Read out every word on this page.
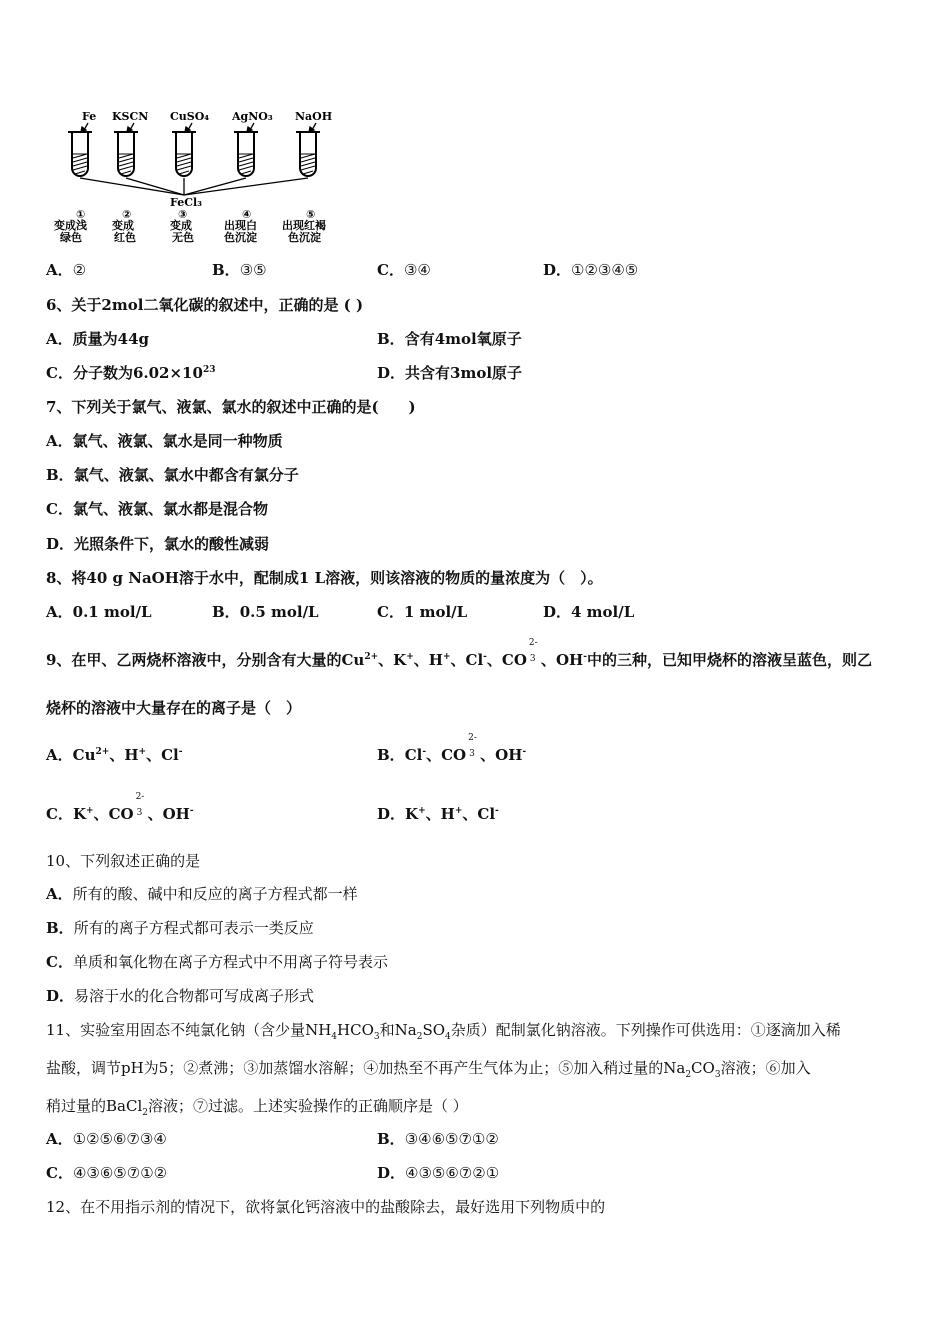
Fe KSCN CuSO₄ AgNO₃ NaOH
FeCl₃
①	②	③	④	⑤
变成浅 变成	变成	出现白 出现红褐
绿色	红色	无色	色沉淀	色沉淀
A．②	B．③⑤	C．③④	D．①②③④⑤
6、关于2mol二氧化碳的叙述中，正确的是 ( )
A．质量为44g	B．含有4mol氧原子
C．分子数为$6.02\times 10^{23}$	D．共含有3mol原子
7、下列关于氯气、液氯、氯水的叙述中正确的是(　　)
A．氯气、液氯、氯水是同一种物质
B．氯气、液氯、氯水中都含有氯分子
C．氯气、液氯、氯水都是混合物
D．光照条件下，氯水的酸性减弱
8、将40 g NaOH溶于水中，配制成1 L溶液，则该溶液的物质的量浓度为（　）。
A．0.1 mol/L	B．0.5 mol/L	C．1 mol/L	D．4 mol/L
9、在甲、乙两烧杯溶液中，分别含有大量的$Cu^{2+}$、K+、H+、Cl-、CO
2-
3 、OH-中的三种，已知甲烧杯的溶液呈蓝色，则乙
烧杯的溶液中大量存在的离子是（　）
A．$Cu^{2+}$、H+、Cl-	B．Cl-、CO
2-
3 、OH-
C．K+、CO
2-
3 、OH-	D．K+、H+、Cl-
10、下列叙述正确的是
A．所有的酸、碱中和反应的离子方程式都一样
B．所有的离子方程式都可表示一类反应
C．单质和氧化物在离子方程式中不用离子符号表示
D．易溶于水的化合物都可写成离子形式
11、实验室用固态不纯氯化钠（含少量$NH_4HCO_3$和$Na_2SO_4$杂质）配制氯化钠溶液。下列操作可供选用：①逐滴加入稀
盐酸，调节pH为5；②煮沸；③加蒸馏水溶解；④加热至不再产生气体为止；⑤加入稍过量的$Na_2CO_3$溶液；⑥加入
稍过量的BaCl$_2$溶液；⑦过滤。上述实验操作的正确顺序是（ ）
A．①②⑤⑥⑦③④	B．③④⑥⑤⑦①②
C．④③⑥⑤⑦①②	D．④③⑤⑥⑦②①
12、在不用指示剂的情况下，欲将氯化钙溶液中的盐酸除去，最好选用下列物质中的
